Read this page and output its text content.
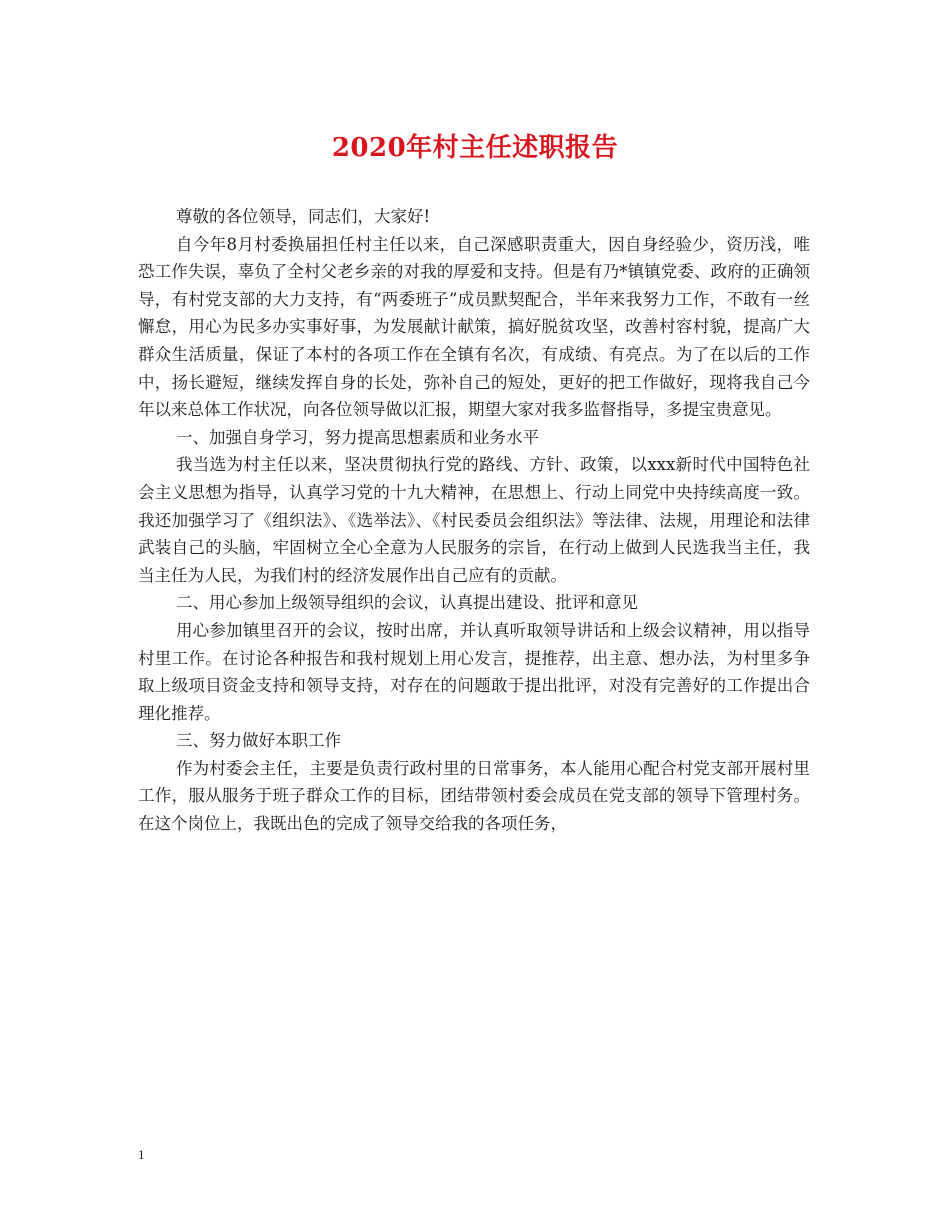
2020年村主任述职报告

尊敬的各位领导，同志们，大家好!

自今年8月村委换届担任村主任以来，自己深感职责重大，因自身经验少，资历浅，唯恐工作失误，辜负了全村父老乡亲的对我的厚爱和支持。但是有乃*镇镇党委、政府的正确领导，有村党支部的大力支持，有“两委班子”成员默契配合，半年来我努力工作，不敢有一丝懈怠，用心为民多办实事好事，为发展献计献策，搞好脱贫攻坚，改善村容村貌，提高广大群众生活质量，保证了本村的各项工作在全镇有名次，有成绩、有亮点。为了在以后的工作中，扬长避短，继续发挥自身的长处，弥补自己的短处，更好的把工作做好，现将我自己今年以来总体工作状况，向各位领导做以汇报，期望大家对我多监督指导，多提宝贵意见。

一、加强自身学习，努力提高思想素质和业务水平

我当选为村主任以来，坚决贯彻执行党的路线、方针、政策，以xxx新时代中国特色社会主义思想为指导，认真学习党的十九大精神，在思想上、行动上同党中央持续高度一致。我还加强学习了《组织法》、《选举法》、《村民委员会组织法》等法律、法规，用理论和法律武装自己的头脑，牢固树立全心全意为人民服务的宗旨，在行动上做到人民选我当主任，我当主任为人民，为我们村的经济发展作出自己应有的贡献。

二、用心参加上级领导组织的会议，认真提出建设、批评和意见

用心参加镇里召开的会议，按时出席，并认真听取领导讲话和上级会议精神，用以指导村里工作。在讨论各种报告和我村规划上用心发言，提推荐，出主意、想办法，为村里多争取上级项目资金支持和领导支持，对存在的问题敢于提出批评，对没有完善好的工作提出合理化推荐。

三、努力做好本职工作

作为村委会主任，主要是负责行政村里的日常事务，本人能用心配合村党支部开展村里工作，服从服务于班子群众工作的目标，团结带领村委会成员在党支部的领导下管理村务。在这个岗位上，我既出色的完成了领导交给我的各项任务，

1
